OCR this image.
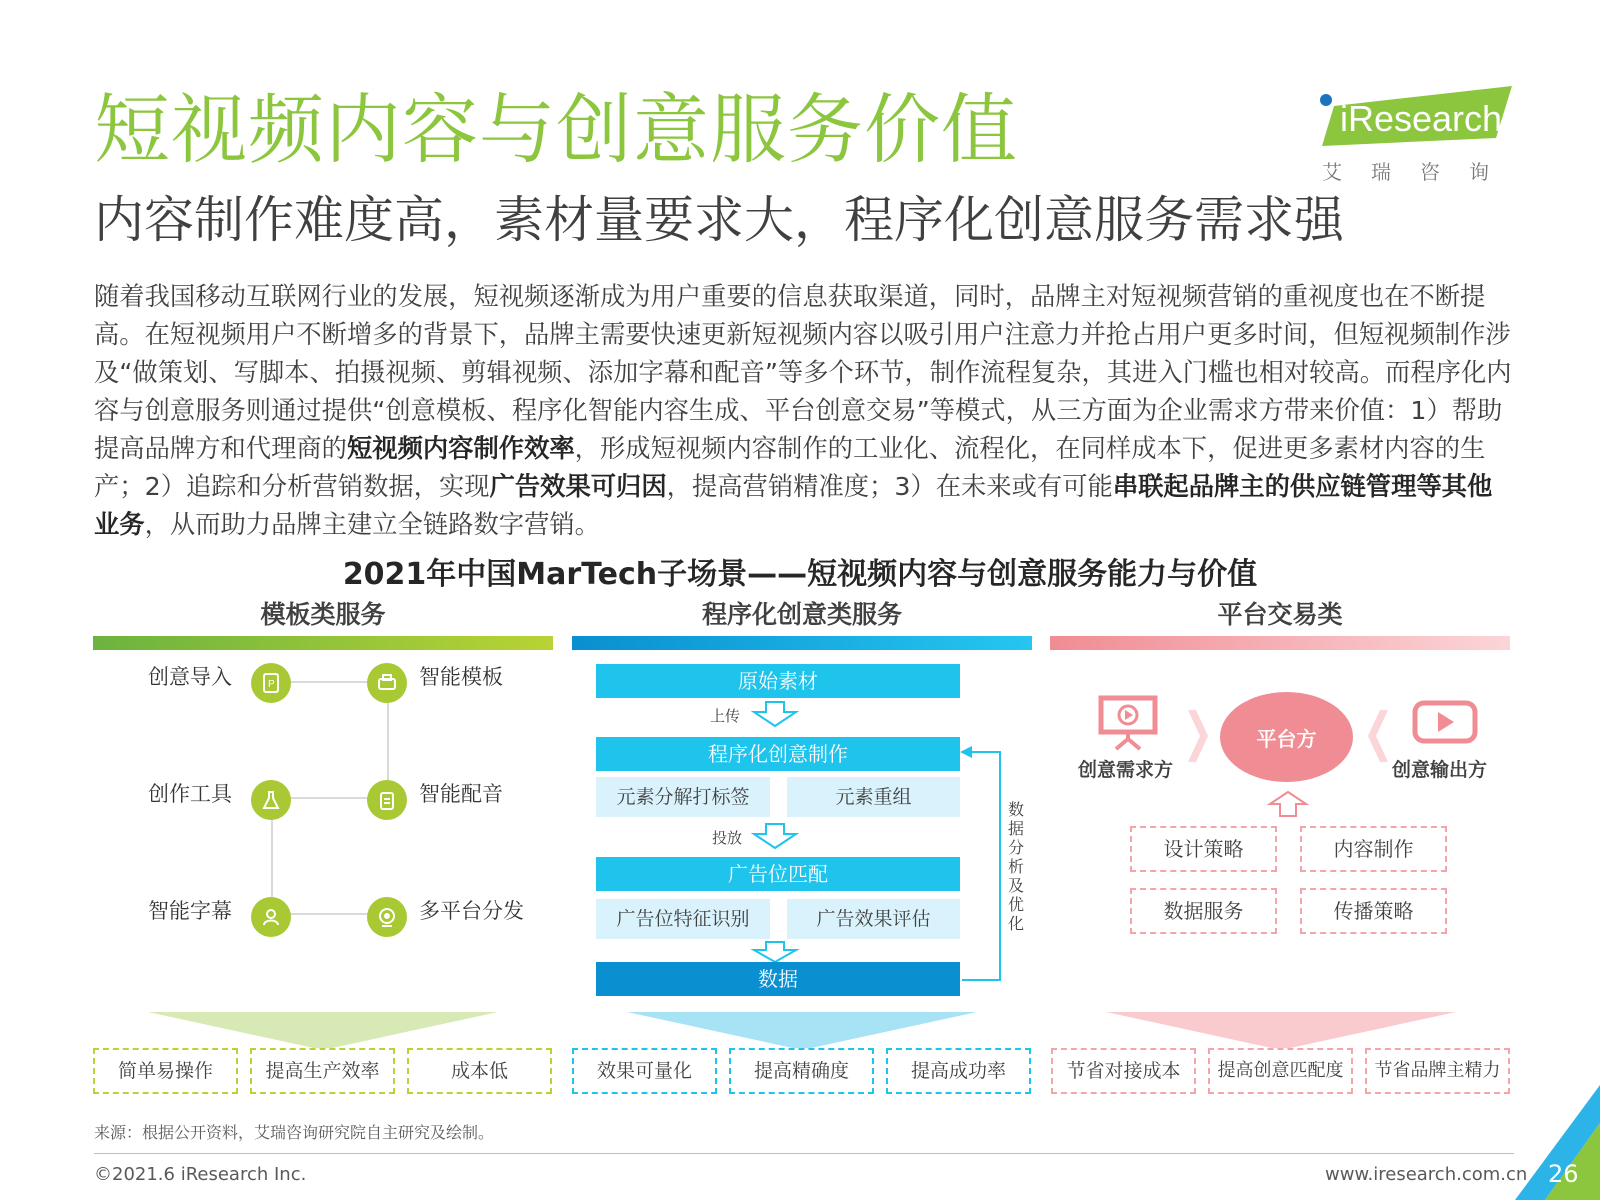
短视频内容与创意服务价值
内容制作难度高，素材量要求大，程序化创意服务需求强
iResearch
艾瑞咨询
随着我国移动互联网行业的发展，短视频逐渐成为用户重要的信息获取渠道，同时，品牌主对短视频营销的重视度也在不断提高。在短视频用户不断增多的背景下，品牌主需要快速更新短视频内容以吸引用户注意力并抢占用户更多时间，但短视频制作涉及“做策划、写脚本、拍摄视频、剪辑视频、添加字幕和配音”等多个环节，制作流程复杂，其进入门槛也相对较高。而程序化内容与创意服务则通过提供“创意模板、程序化智能内容生成、平台创意交易”等模式，从三方面为企业需求方带来价值：1）帮助提高品牌方和代理商的短视频内容制作效率，形成短视频内容制作的工业化、流程化，在同样成本下，促进更多素材内容的生产；2）追踪和分析营销数据，实现广告效果可归因，提高营销精准度；3）在未来或有可能串联起品牌主的供应链管理等其他业务，从而助力品牌主建立全链路数字营销。
2021年中国MarTech子场景——短视频内容与创意服务能力与价值
模板类服务	程序化创意类服务	平台交易类
创意导入	P	智能模板
创作工具	智能配音
智能字幕	多平台分发
原始素材
上传
程序化创意制作
元素分解打标签	元素重组
投放
广告位匹配
广告位特征识别	广告效果评估
数据
数据分析及优化
创意需求方
平台方
创意输出方
设计策略	内容制作
数据服务	传播策略
简单易操作	提高生产效率	成本低	效果可量化	提高精确度	提高成功率	节省对接成本	提高创意匹配度	节省品牌主精力
来源：根据公开资料，艾瑞咨询研究院自主研究及绘制。
©2021.6 iResearch Inc.	www.iresearch.com.cn 26
